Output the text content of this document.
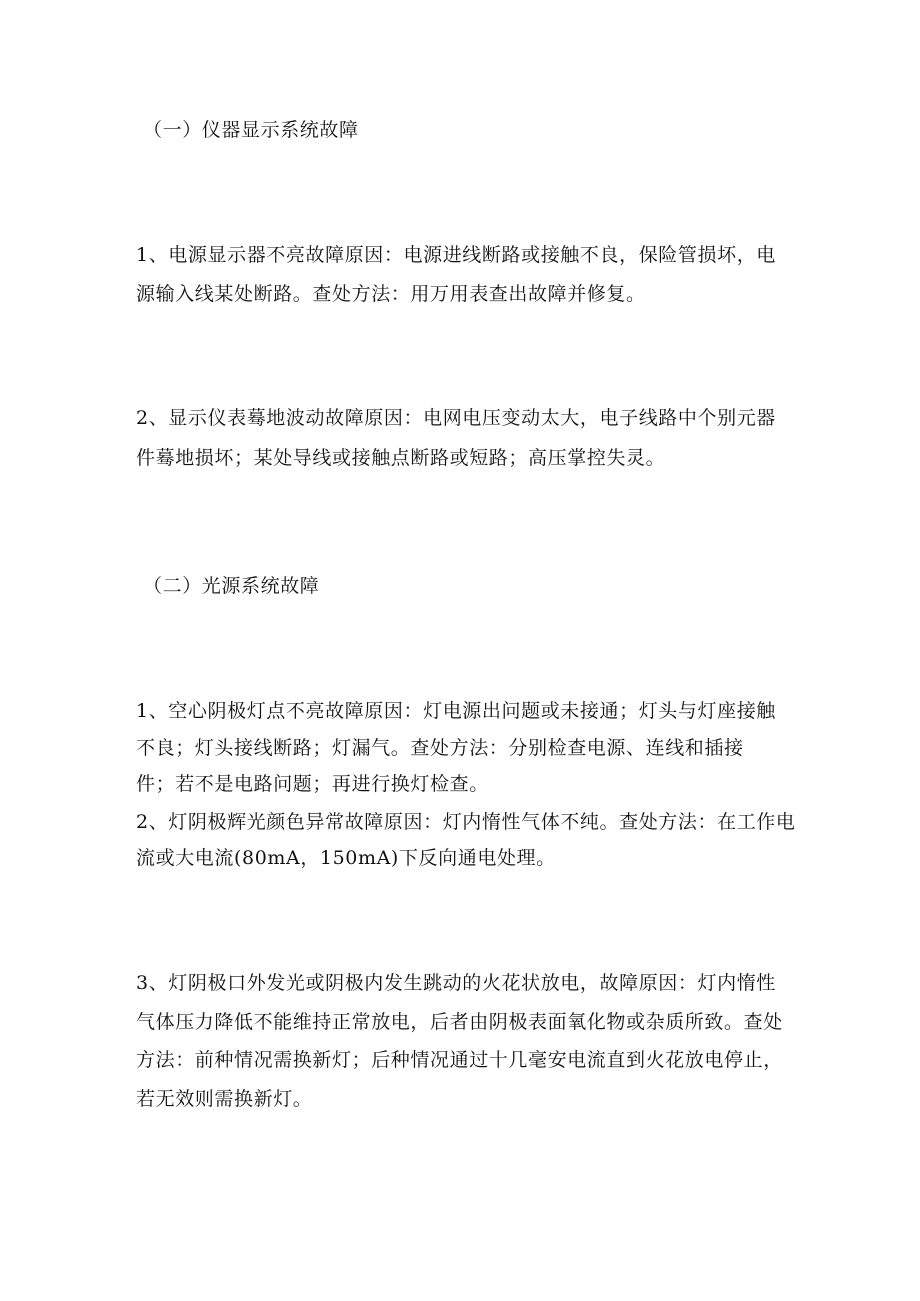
（一）仪器显示系统故障
1、电源显示器不亮故障原因：电源进线断路或接触不良，保险管损坏，电
源输入线某处断路。查处方法：用万用表查出故障并修复。
2、显示仪表蓦地波动故障原因：电网电压变动太大，电子线路中个别元器
件蓦地损坏；某处导线或接触点断路或短路；高压掌控失灵。
（二）光源系统故障
1、空心阴极灯点不亮故障原因：灯电源出问题或未接通；灯头与灯座接触
不良；灯头接线断路；灯漏气。查处方法：分别检查电源、连线和插接
件；若不是电路问题；再进行换灯检查。
2、灯阴极辉光颜色异常故障原因：灯内惰性气体不纯。查处方法：在工作电
流或大电流(80mA，150mA)下反向通电处理。
3、灯阴极口外发光或阴极内发生跳动的火花状放电，故障原因：灯内惰性
气体压力降低不能维持正常放电，后者由阴极表面氧化物或杂质所致。查处
方法：前种情况需换新灯；后种情况通过十几毫安电流直到火花放电停止，
若无效则需换新灯。
